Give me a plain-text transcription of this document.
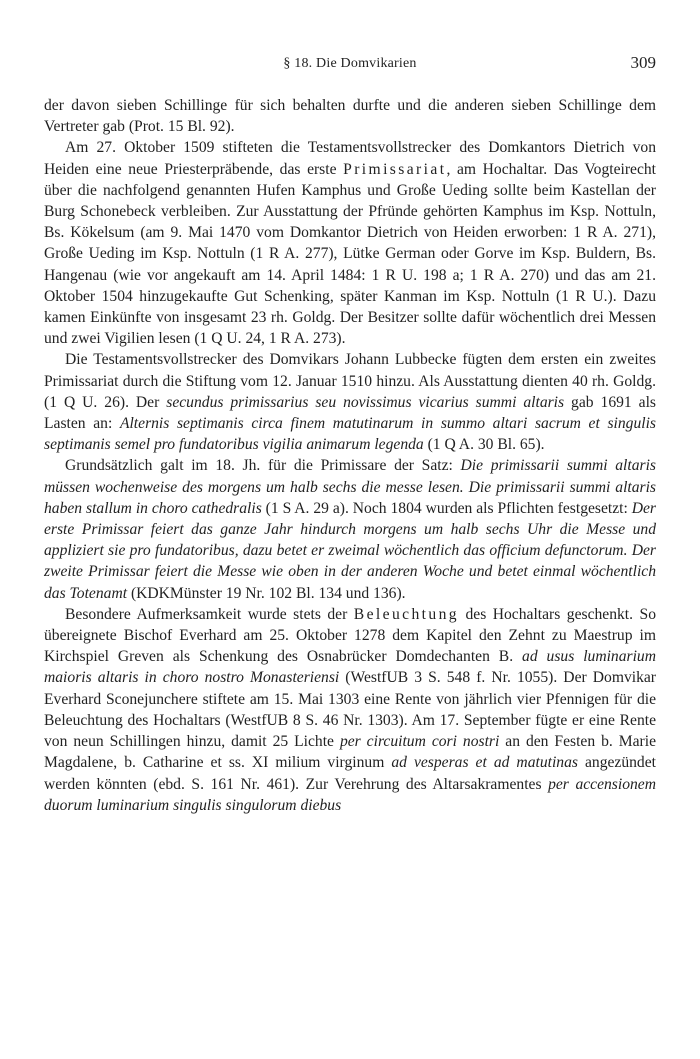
§ 18. Die Domvikarien	309

der davon sieben Schillinge für sich behalten durfte und die anderen sieben Schillinge dem Vertreter gab (Prot. 15 Bl. 92).

Am 27. Oktober 1509 stifteten die Testamentsvollstrecker des Domkantors Dietrich von Heiden eine neue Priesterpräbende, das erste Primissariat, am Hochaltar. Das Vogteirecht über die nachfolgend genannten Hufen Kamphus und Große Ueding sollte beim Kastellan der Burg Schonebeck verbleiben. Zur Ausstattung der Pfründe gehörten Kamphus im Ksp. Nottuln, Bs. Kökelsum (am 9. Mai 1470 vom Domkantor Dietrich von Heiden erworben: 1 R A. 271), Große Ueding im Ksp. Nottuln (1 R A. 277), Lütke German oder Gorve im Ksp. Buldern, Bs. Hangenau (wie vor angekauft am 14. April 1484: 1 R U. 198 a; 1 R A. 270) und das am 21. Oktober 1504 hinzugekaufte Gut Schenking, später Kanman im Ksp. Nottuln (1 R U.). Dazu kamen Einkünfte von insgesamt 23 rh. Goldg. Der Besitzer sollte dafür wöchentlich drei Messen und zwei Vigilien lesen (1 Q U. 24, 1 R A. 273).

Die Testamentsvollstrecker des Domvikars Johann Lubbecke fügten dem ersten ein zweites Primissariat durch die Stiftung vom 12. Januar 1510 hinzu. Als Ausstattung dienten 40 rh. Goldg. (1 Q U. 26). Der secundus primissarius seu novissimus vicarius summi altaris gab 1691 als Lasten an: Alternis septimanis circa finem matutinarum in summo altari sacrum et singulis septimanis semel pro fundatoribus vigilia animarum legenda (1 Q A. 30 Bl. 65).

Grundsätzlich galt im 18. Jh. für die Primissare der Satz: Die primissarii summi altaris müssen wochenweise des morgens um halb sechs die messe lesen. Die primissarii summi altaris haben stallum in choro cathedralis (1 S A. 29 a). Noch 1804 wurden als Pflichten festgesetzt: Der erste Primissar feiert das ganze Jahr hindurch morgens um halb sechs Uhr die Messe und appliziert sie pro fundatoribus, dazu betet er zweimal wöchentlich das officium defunctorum. Der zweite Primissar feiert die Messe wie oben in der anderen Woche und betet einmal wöchentlich das Totenamt (KDKMünster 19 Nr. 102 Bl. 134 und 136).

Besondere Aufmerksamkeit wurde stets der Beleuchtung des Hochaltars geschenkt. So übereignete Bischof Everhard am 25. Oktober 1278 dem Kapitel den Zehnt zu Maestrup im Kirchspiel Greven als Schenkung des Osnabrücker Domdechanten B. ad usus luminarium maioris altaris in choro nostro Monasteriensi (WestfUB 3 S. 548 f. Nr. 1055). Der Domvikar Everhard Sconejunchere stiftete am 15. Mai 1303 eine Rente von jährlich vier Pfennigen für die Beleuchtung des Hochaltars (WestfUB 8 S. 46 Nr. 1303). Am 17. September fügte er eine Rente von neun Schillingen hinzu, damit 25 Lichte per circuitum cori nostri an den Festen b. Marie Magdalene, b. Catharine et ss. XI milium virginum ad vesperas et ad matutinas angezündet werden könnten (ebd. S. 161 Nr. 461). Zur Verehrung des Altarsakramentes per accensionem duorum luminarium singulis singulorum diebus
